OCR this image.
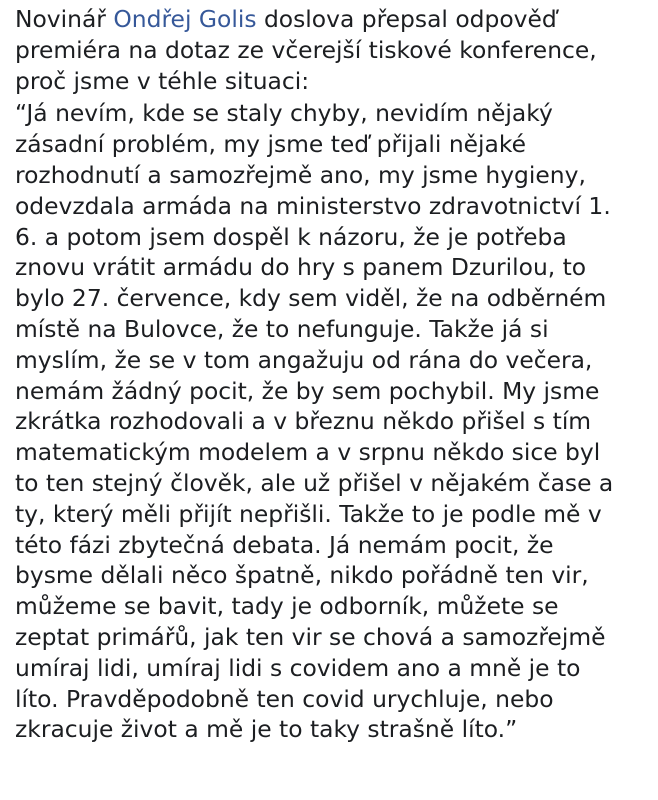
Novinář Ondřej Golis doslova přepsal odpověď
premiéra na dotaz ze včerejší tiskové konference,
proč jsme v téhle situaci:
“Já nevím, kde se staly chyby, nevidím nějaký
zásadní problém, my jsme teď přijali nějaké
rozhodnutí a samozřejmě ano, my jsme hygieny,
odevzdala armáda na ministerstvo zdravotnictví 1.
6. a potom jsem dospěl k názoru, že je potřeba
znovu vrátit armádu do hry s panem Dzurilou, to
bylo 27. července, kdy sem viděl, že na odběrném
místě na Bulovce, že to nefunguje. Takže já si
myslím, že se v tom angažuju od rána do večera,
nemám žádný pocit, že by sem pochybil. My jsme
zkrátka rozhodovali a v březnu někdo přišel s tím
matematickým modelem a v srpnu někdo sice byl
to ten stejný člověk, ale už přišel v nějakém čase a
ty, který měli přijít nepřišli. Takže to je podle mě v
této fázi zbytečná debata. Já nemám pocit, že
bysme dělali něco špatně, nikdo pořádně ten vir,
můžeme se bavit, tady je odborník, můžete se
zeptat primářů, jak ten vir se chová a samozřejmě
umíraj lidi, umíraj lidi s covidem ano a mně je to
líto. Pravděpodobně ten covid urychluje, nebo
zkracuje život a mě je to taky strašně líto.”
